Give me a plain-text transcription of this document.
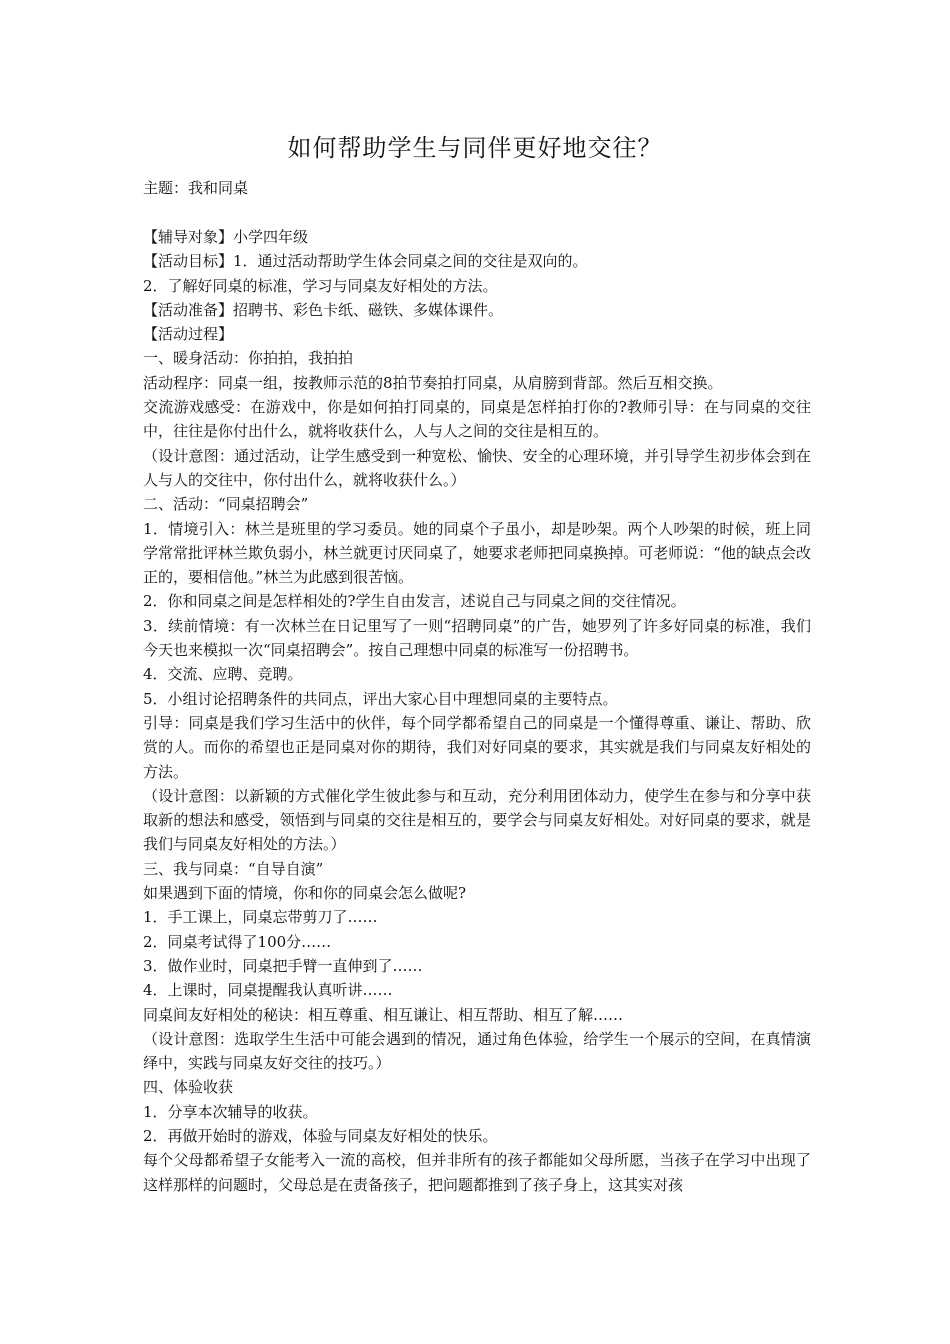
如何帮助学生与同伴更好地交往？
主题：我和同桌

【辅导对象】小学四年级

【活动目标】1．通过活动帮助学生体会同桌之间的交往是双向的。

2．了解好同桌的标准，学习与同桌友好相处的方法。

【活动准备】招聘书、彩色卡纸、磁铁、多媒体课件。

【活动过程】

一、暖身活动：你拍拍，我拍拍

活动程序：同桌一组，按教师示范的8拍节奏拍打同桌，从肩膀到背部。然后互相交换。

交流游戏感受：在游戏中，你是如何拍打同桌的，同桌是怎样拍打你的?教师引导：在与同桌的交往中，往往是你付出什么，就将收获什么，人与人之间的交往是相互的。

（设计意图：通过活动，让学生感受到一种宽松、愉快、安全的心理环境，并引导学生初步体会到在人与人的交往中，你付出什么，就将收获什么。）

二、活动：“同桌招聘会”

1．情境引入：林兰是班里的学习委员。她的同桌个子虽小，却是吵架。两个人吵架的时候，班上同学常常批评林兰欺负弱小，林兰就更讨厌同桌了，她要求老师把同桌换掉。可老师说：“他的缺点会改正的，要相信他。”林兰为此感到很苦恼。

2．你和同桌之间是怎样相处的?学生自由发言，述说自己与同桌之间的交往情况。

3．续前情境：有一次林兰在日记里写了一则“招聘同桌”的广告，她罗列了许多好同桌的标准，我们今天也来模拟一次“同桌招聘会”。按自己理想中同桌的标准写一份招聘书。

4．交流、应聘、竞聘。

5．小组讨论招聘条件的共同点，评出大家心目中理想同桌的主要特点。

引导：同桌是我们学习生活中的伙伴，每个同学都希望自己的同桌是一个懂得尊重、谦让、帮助、欣赏的人。而你的希望也正是同桌对你的期待，我们对好同桌的要求，其实就是我们与同桌友好相处的方法。

（设计意图：以新颖的方式催化学生彼此参与和互动，充分利用团体动力，使学生在参与和分享中获取新的想法和感受，领悟到与同桌的交往是相互的，要学会与同桌友好相处。对好同桌的要求，就是我们与同桌友好相处的方法。）

三、我与同桌：“自导自演”

如果遇到下面的情境，你和你的同桌会怎么做呢?

1．手工课上，同桌忘带剪刀了……

2．同桌考试得了100分……

3．做作业时，同桌把手臂一直伸到了……

4．上课时，同桌提醒我认真听讲……

同桌间友好相处的秘诀：相互尊重、相互谦让、相互帮助、相互了解……

（设计意图：选取学生生活中可能会遇到的情况，通过角色体验，给学生一个展示的空间，在真情演绎中，实践与同桌友好交往的技巧。）

四、体验收获

1．分享本次辅导的收获。

2．再做开始时的游戏，体验与同桌友好相处的快乐。

每个父母都希望子女能考入一流的高校，但并非所有的孩子都能如父母所愿，当孩子在学习中出现了这样那样的问题时，父母总是在责备孩子，把问题都推到了孩子身上，这其实对孩
